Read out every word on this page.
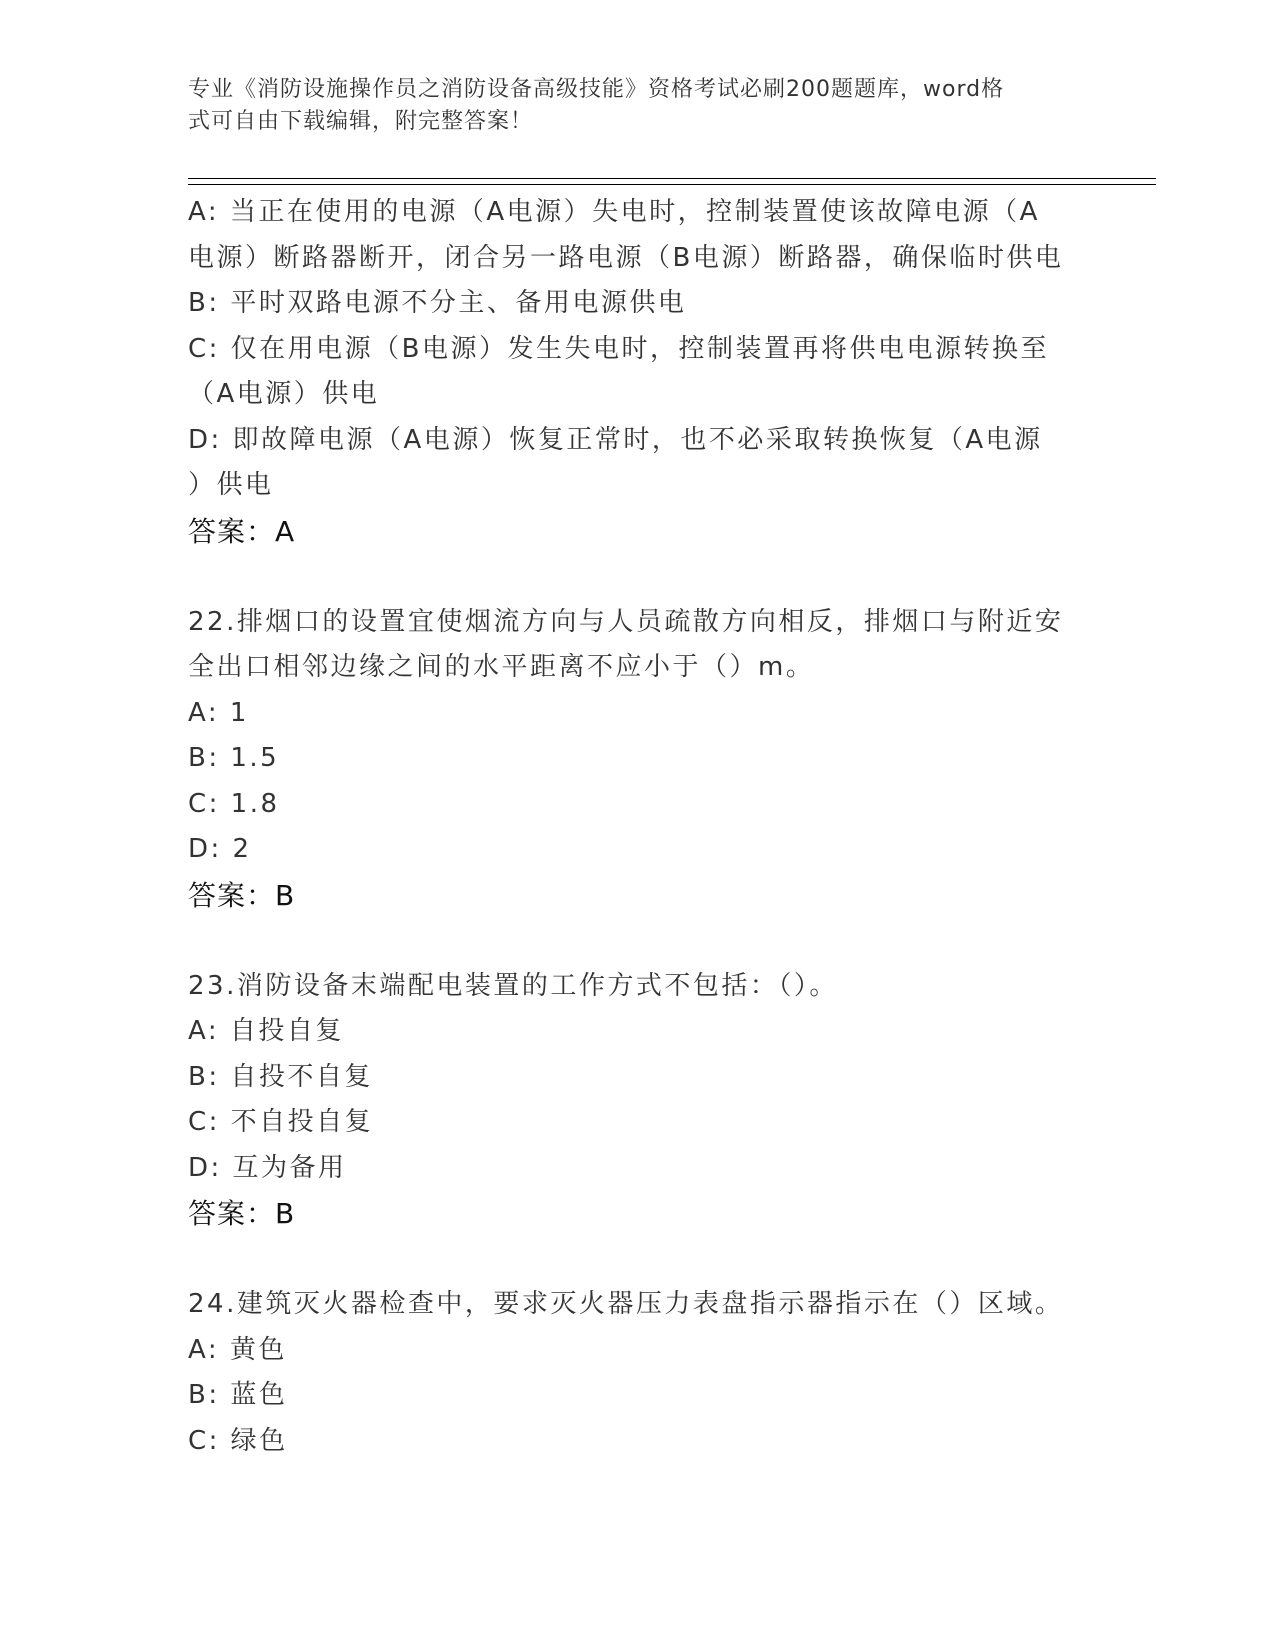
专业《消防设施操作员之消防设备高级技能》资格考试必刷200题题库，word格
式可自由下载编辑，附完整答案！
A: 当正在使用的电源（A电源）失电时，控制装置使该故障电源（A
电源）断路器断开，闭合另一路电源（B电源）断路器，确保临时供电
B: 平时双路电源不分主、备用电源供电
C: 仅在用电源（B电源）发生失电时，控制装置再将供电电源转换至
（A电源）供电
D: 即故障电源（A电源）恢复正常时，也不必采取转换恢复（A电源
）供电
答案：A
22.排烟口的设置宜使烟流方向与人员疏散方向相反，排烟口与附近安
全出口相邻边缘之间的水平距离不应小于（）m。
A: 1
B: 1.5
C: 1.8
D: 2
答案：B
23.消防设备末端配电装置的工作方式不包括：（）。
A: 自投自复
B: 自投不自复
C: 不自投自复
D: 互为备用
答案：B
24.建筑灭火器检查中，要求灭火器压力表盘指示器指示在（）区域。
A: 黄色
B: 蓝色
C: 绿色
